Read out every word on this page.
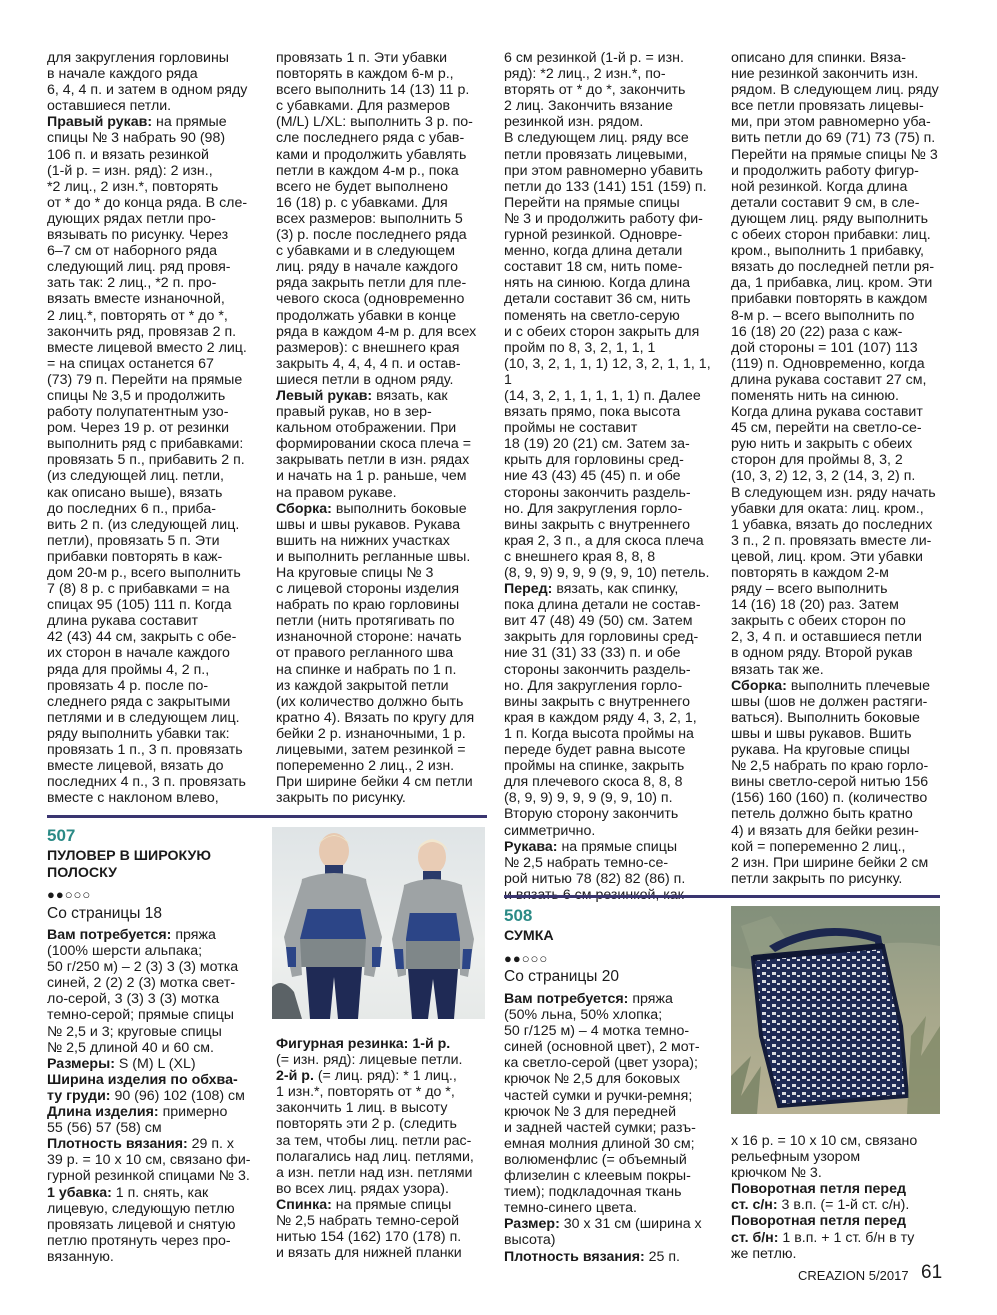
для закругления горловины
в начале каждого ряда
6, 4, 4 п. и затем в одном ряду
оставшиеся петли.
Правый рукав: на прямые
спицы № 3 набрать 90 (98)
106 п. и вязать резинкой
(1-й р. = изн. ряд): 2 изн.,
*2 лиц., 2 изн.*, повторять
от * до * до конца ряда. В сле-
дующих рядах петли про-
вязывать по рисунку. Через
6–7 см от наборного ряда
следующий лиц. ряд провя-
зать так: 2 лиц., *2 п. про-
вязать вместе изнаночной,
2 лиц.*, повторять от * до *,
закончить ряд, провязав 2 п.
вместе лицевой вместо 2 лиц.
= на спицах останется 67
(73) 79 п. Перейти на прямые
спицы № 3,5 и продолжить
работу полупатентным узо-
ром. Через 19 р. от резинки
выполнить ряд с прибавками:
провязать 5 п., прибавить 2 п.
(из следующей лиц. петли,
как описано выше), вязать
до последних 6 п., приба-
вить 2 п. (из следующей лиц.
петли), провязать 5 п. Эти
прибавки повторять в каж-
дом 20-м р., всего выполнить
7 (8) 8 р. с прибавками = на
спицах 95 (105) 111 п. Когда
длина рукава составит
42 (43) 44 см, закрыть с обе-
их сторон в начале каждого
ряда для проймы 4, 2 п.,
провязать 4 р. после по-
следнего ряда с закрытыми
петлями и в следующем лиц.
ряду выполнить убавки так:
провязать 1 п., 3 п. провязать
вместе лицевой, вязать до
последних 4 п., 3 п. провязать
вместе с наклоном влево,
провязать 1 п. Эти убавки
повторять в каждом 6-м р.,
всего выполнить 14 (13) 11 р.
с убавками. Для размеров
(M/L) L/XL: выполнить 3 р. по-
сле последнего ряда с убав-
ками и продолжить убавлять
петли в каждом 4-м р., пока
всего не будет выполнено
16 (18) р. с убавками. Для
всех размеров: выполнить 5
(3) р. после последнего ряда
с убавками и в следующем
лиц. ряду в начале каждого
ряда закрыть петли для пле-
чевого скоса (одновременно
продолжать убавки в конце
ряда в каждом 4-м р. для всех
размеров): с внешнего края
закрыть 4, 4, 4, 4 п. и остав-
шиеся петли в одном ряду.
Левый рукав: вязать, как
правый рукав, но в зер-
кальном отображении. При
формировании скоса плеча =
закрывать петли в изн. рядах
и начать на 1 р. раньше, чем
на правом рукаве.
Сборка: выполнить боковые
швы и швы рукавов. Рукава
вшить на нижних участках
и выполнить регланные швы.
На круговые спицы № 3
с лицевой стороны изделия
набрать по краю горловины
петли (нить протягивать по
изнаночной стороне: начать
от правого регланного шва
на спинке и набрать по 1 п.
из каждой закрытой петли
(их количество должно быть
кратно 4). Вязать по кругу для
бейки 2 р. изнаночными, 1 р.
лицевыми, затем резинкой =
попеременно 2 лиц., 2 изн.
При ширине бейки 4 см петли
закрыть по рисунку.
6 см резинкой (1-й р. = изн.
ряд): *2 лиц., 2 изн.*, по-
вторять от * до *, закончить
2 лиц. Закончить вязание
резинкой изн. рядом.
В следующем лиц. ряду все
петли провязать лицевыми,
при этом равномерно убавить
петли до 133 (141) 151 (159) п.
Перейти на прямые спицы
№ 3 и продолжить работу фи-
гурной резинкой. Одновре-
менно, когда длина детали
составит 18 см, нить поме-
нять на синюю. Когда длина
детали составит 36 см, нить
поменять на светло-серую
и с обеих сторон закрыть для
пройм по 8, 3, 2, 1, 1, 1
(10, 3, 2, 1, 1, 1) 12, 3, 2, 1, 1, 1, 1
(14, 3, 2, 1, 1, 1, 1, 1) п. Далее
вязать прямо, пока высота
проймы не составит
18 (19) 20 (21) см. Затем за-
крыть для горловины сред-
ние 43 (43) 45 (45) п. и обе
стороны закончить раздель-
но. Для закругления горло-
вины закрыть с внутреннего
края 2, 3 п., а для скоса плеча
с внешнего края 8, 8, 8
(8, 9, 9) 9, 9, 9 (9, 9, 10) петель.
Перед: вязать, как спинку,
пока длина детали не состав-
вит 47 (48) 49 (50) см. Затем
закрыть для горловины сред-
ние 31 (31) 33 (33) п. и обе
стороны закончить раздель-
но. Для закругления горло-
вины закрыть с внутреннего
края в каждом ряду 4, 3, 2, 1,
1 п. Когда высота проймы на
переде будет равна высоте
проймы на спинке, закрыть
для плечевого скоса 8, 8, 8
(8, 9, 9) 9, 9, 9 (9, 9, 10) п.
Вторую сторону закончить
симметрично.
Рукава: на прямые спицы
№ 2,5 набрать темно-се-
рой нитью 78 (82) 82 (86) п.

описано для спинки. Вяза-
ние резинкой закончить изн.
рядом. В следующем лиц. ряду
все петли провязать лицевы-
ми, при этом равномерно уба-
вить петли до 69 (71) 73 (75) п.
Перейти на прямые спицы № 3
и продолжить работу фигур-
ной резинкой. Когда длина
детали составит 9 см, в сле-
дующем лиц. ряду выполнить
с обеих сторон прибавки: лиц.
кром., выполнить 1 прибавку,
вязать до последней петли ря-
да, 1 прибавка, лиц. кром. Эти
прибавки повторять в каждом
8-м р. – всего выполнить по
16 (18) 20 (22) раза с каж-
дой стороны = 101 (107) 113
(119) п. Одновременно, когда
длина рукава составит 27 см,
поменять нить на синюю.
Когда длина рукава составит
45 см, перейти на светло-се-
рую нить и закрыть с обеих
сторон для проймы 8, 3, 2
(10, 3, 2) 12, 3, 2 (14, 3, 2) п.
В следующем изн. ряду начать
убавки для оката: лиц. кром.,
1 убавка, вязать до последних
3 п., 2 п. провязать вместе ли-
цевой, лиц. кром. Эти убавки
повторять в каждом 2-м
ряду – всего выполнить
14 (16) 18 (20) раз. Затем
закрыть с обеих сторон по
2, 3, 4 п. и оставшиеся петли
в одном ряду. Второй рукав
вязать так же.
Сборка: выполнить плечевые
швы (шов не должен растяги-
ваться). Выполнить боковые
швы и швы рукавов. Вшить
рукава. На круговые спицы
№ 2,5 набрать по краю горло-
вины светло-серой нитью 156
(156) 160 (160) п. (количество
петель должно быть кратно
4) и вязать для бейки резин-
кой = попеременно 2 лиц.,
2 изн. При ширине бейки 2 см
петли закрыть по рисунку.
507
ПУЛОВЕР В ШИРОКУЮ
ПОЛОСКУ
●●○○○
Со страницы 18
Вам потребуется: пряжа
(100% шерсти альпака;
50 г/250 м) – 2 (3) 3 (3) мотка
синей, 2 (2) 2 (3) мотка свет-
ло-серой, 3 (3) 3 (3) мотка
темно-серой; прямые спицы
№ 2,5 и 3; круговые спицы
№ 2,5 длиной 40 и 60 см.
Размеры: S (M) L (XL)
Ширина изделия по обхва-
ту груди: 90 (96) 102 (108) см
Длина изделия: примерно
55 (56) 57 (58) см
Плотность вязания: 29 п. х
39 р. = 10 х 10 см, связано фи-
гурной резинкой спицами № 3.
1 убавка: 1 п. снять, как
лицевую, следующую петлю
провязать лицевой и снятую
петлю протянуть через про-
вязанную.
Фигурная резинка: 1-й р.
(= изн. ряд): лицевые петли.
2-й р. (= лиц. ряд): * 1 лиц.,
1 изн.*, повторять от * до *,
закончить 1 лиц. в высоту
повторять эти 2 р. (следить
за тем, чтобы лиц. петли рас-
полагались над лиц. петлями,
а изн. петли над изн. петлями
во всех лиц. рядах узора).
Спинка: на прямые спицы
№ 2,5 набрать темно-серой
нитью 154 (162) 170 (178) п.
и вязать для нижней планки
508
СУМКА
●●○○○
Со страницы 20
Вам потребуется: пряжа
(50% льна, 50% хлопка;
50 г/125 м) – 4 мотка темно-
синей (основной цвет), 2 мот-
ка светло-серой (цвет узора);
крючок № 2,5 для боковых
частей сумки и ручки-ремня;
крючок № 3 для передней
и задней частей сумки; разъ-
емная молния длиной 30 см;
волюменфлис (= объемный
флизелин с клеевым покры-
тием); подкладочная ткань
темно-синего цвета.
Размер: 30 х 31 см (ширина х
высота)
Плотность вязания: 25 п.
х 16 р. = 10 х 10 см, связано
рельефным узором
крючком № 3.
Поворотная петля перед
ст. с/н: 3 в.п. (= 1-й ст. с/н).
Поворотная петля перед
ст. б/н: 1 в.п. + 1 ст. б/н в ту
же петлю.
CREAZION 5/2017 61
